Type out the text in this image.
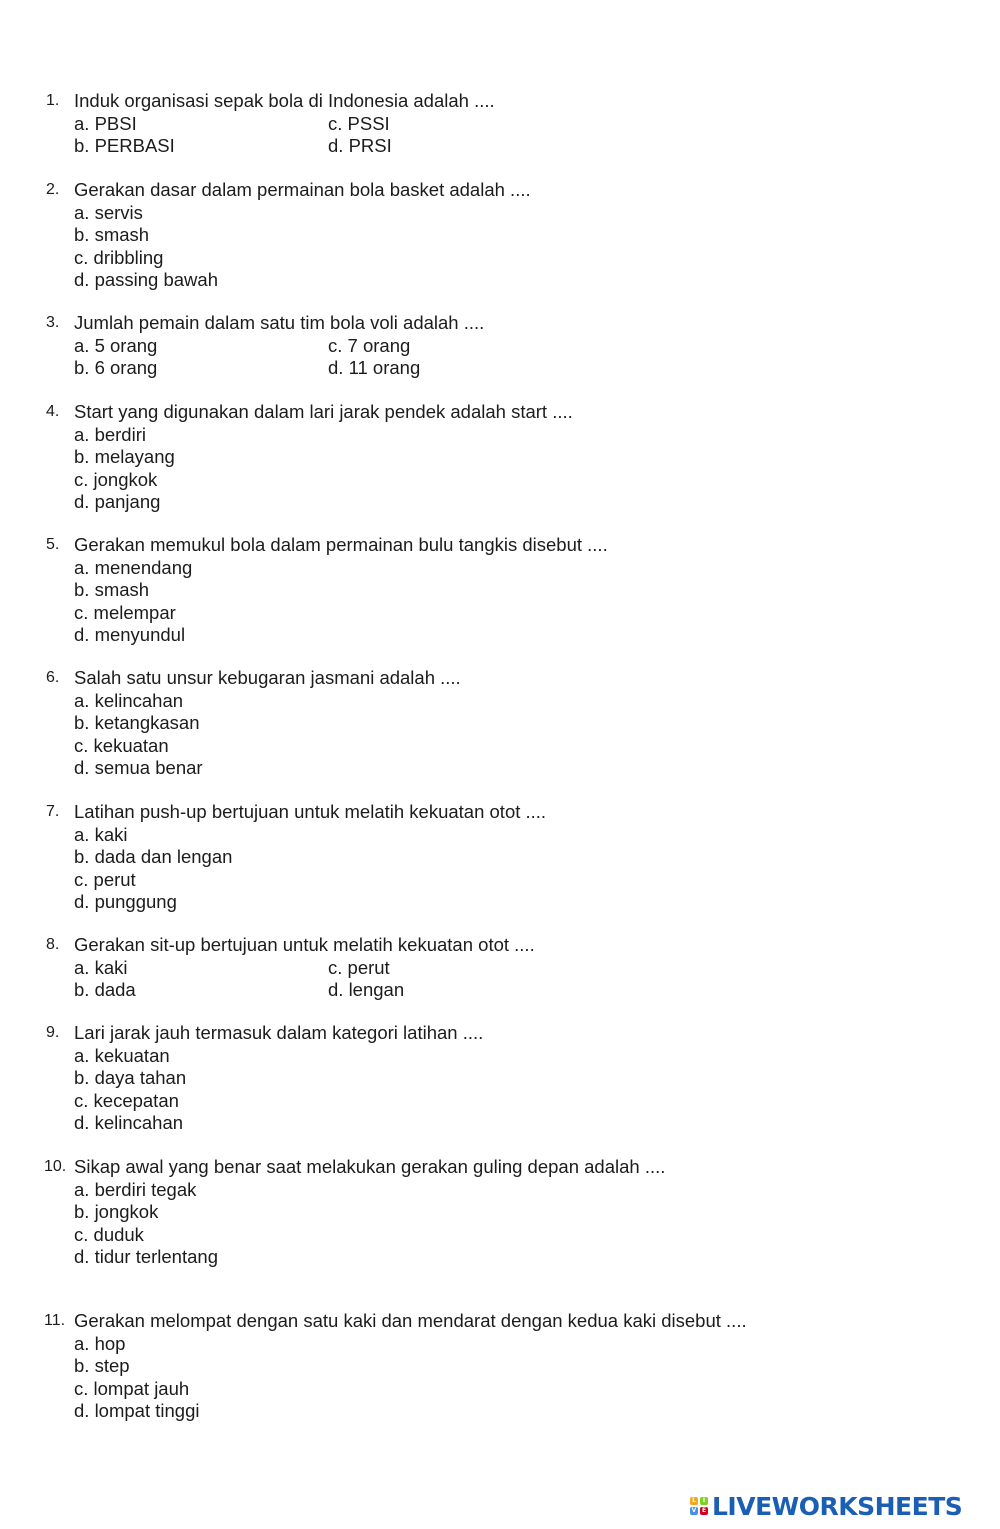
1. Induk organisasi sepak bola di Indonesia adalah ....
a. PBSI	c. PSSI
b. PERBASI	d. PRSI
2. Gerakan dasar dalam permainan bola basket adalah ....
a. servis
b. smash
c. dribbling
d. passing bawah
3. Jumlah pemain dalam satu tim bola voli adalah ....
a. 5 orang	c. 7 orang
b. 6 orang	d. 11 orang
4. Start yang digunakan dalam lari jarak pendek adalah start ....
a. berdiri
b. melayang
c. jongkok
d. panjang
5. Gerakan memukul bola dalam permainan bulu tangkis disebut ....
a. menendang
b. smash
c. melempar
d. menyundul
6. Salah satu unsur kebugaran jasmani adalah ....
a. kelincahan
b. ketangkasan
c. kekuatan
d. semua benar
7. Latihan push-up bertujuan untuk melatih kekuatan otot ....
a. kaki
b. dada dan lengan
c. perut
d. punggung
8. Gerakan sit-up bertujuan untuk melatih kekuatan otot ....
a. kaki	c. perut
b. dada	d. lengan
9. Lari jarak jauh termasuk dalam kategori latihan ....
a. kekuatan
b. daya tahan
c. kecepatan
d. kelincahan
10. Sikap awal yang benar saat melakukan gerakan guling depan adalah ....
a. berdiri tegak
b. jongkok
c. duduk
d. tidur terlentang
11. Gerakan melompat dengan satu kaki dan mendarat dengan kedua kaki disebut ....
a. hop
b. step
c. lompat jauh
d. lompat tinggi
L	I
V E LIVEWORKSHEETS
